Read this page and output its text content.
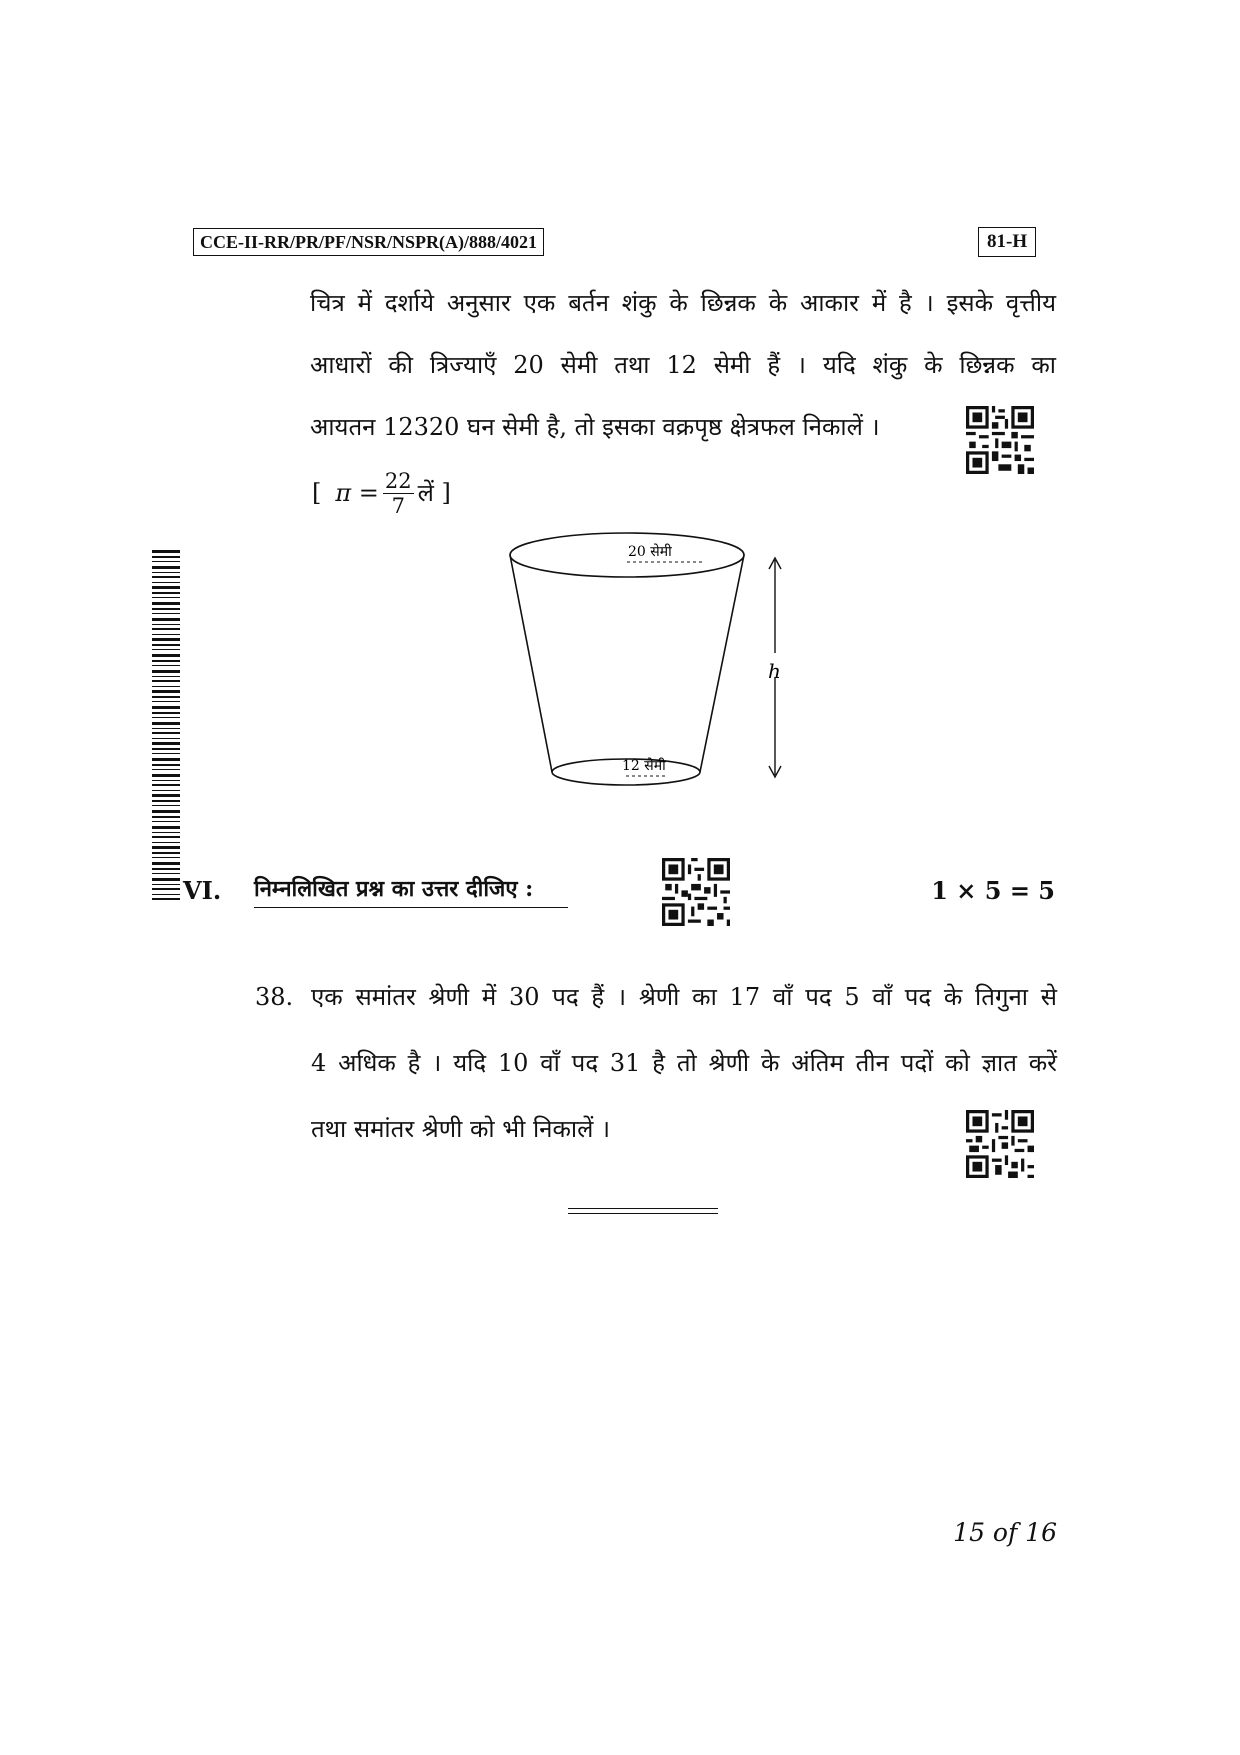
CCE-II-RR/PR/PF/NSR/NSPR(A)/888/4021	81-H
चित्र में दर्शाये अनुसार एक बर्तन शंकु के छिन्नक के आकार में है । इसके वृत्तीय
आधारों की त्रिज्याएँ 20 सेमी तथा 12 सेमी हैं । यदि शंकु के छिन्नक का
आयतन 12320 घन सेमी है, तो इसका वक्रपृष्ठ क्षेत्रफल निकालें ।
[ $\pi = \frac{22}{7}$ लें ]
20 सेमी
12 सेमी
h
VI. निम्नलिखित प्रश्न का उत्तर दीजिए :	1 × 5 = 5
38. एक समांतर श्रेणी में 30 पद हैं । श्रेणी का 17 वाँ पद 5 वाँ पद के तिगुना से
4 अधिक है । यदि 10 वाँ पद 31 है तो श्रेणी के अंतिम तीन पदों को ज्ञात करें
तथा समांतर श्रेणी को भी निकालें ।
15 of 16
